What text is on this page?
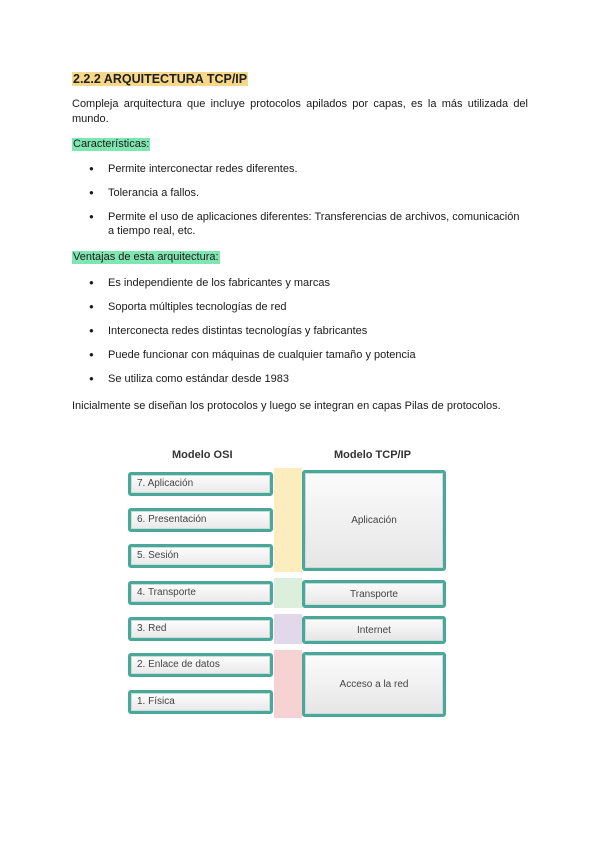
2.2.2 ARQUITECTURA TCP/IP
Compleja arquitectura que incluye protocolos apilados por capas, es la más utilizada del mundo.
Características:
● Permite interconectar redes diferentes.
● Tolerancia a fallos.
● Permite el uso de aplicaciones diferentes: Transferencias de archivos, comunicación a tiempo real, etc.
Ventajas de esta arquitectura:
● Es independiente de los fabricantes y marcas
● Soporta múltiples tecnologías de red
● Interconecta redes distintas tecnologías y fabricantes
● Puede funcionar con máquinas de cualquier tamaño y potencia
● Se utiliza como estándar desde 1983
Inicialmente se diseñan los protocolos y luego se integran en capas Pilas de protocolos.
Modelo OSI	Modelo TCP/IP
7. Aplicación
6. Presentación
5. Sesión
4. Transporte
3. Red
2. Enlace de datos
1. Física
Aplicación
Transporte
Internet
Acceso a la red
